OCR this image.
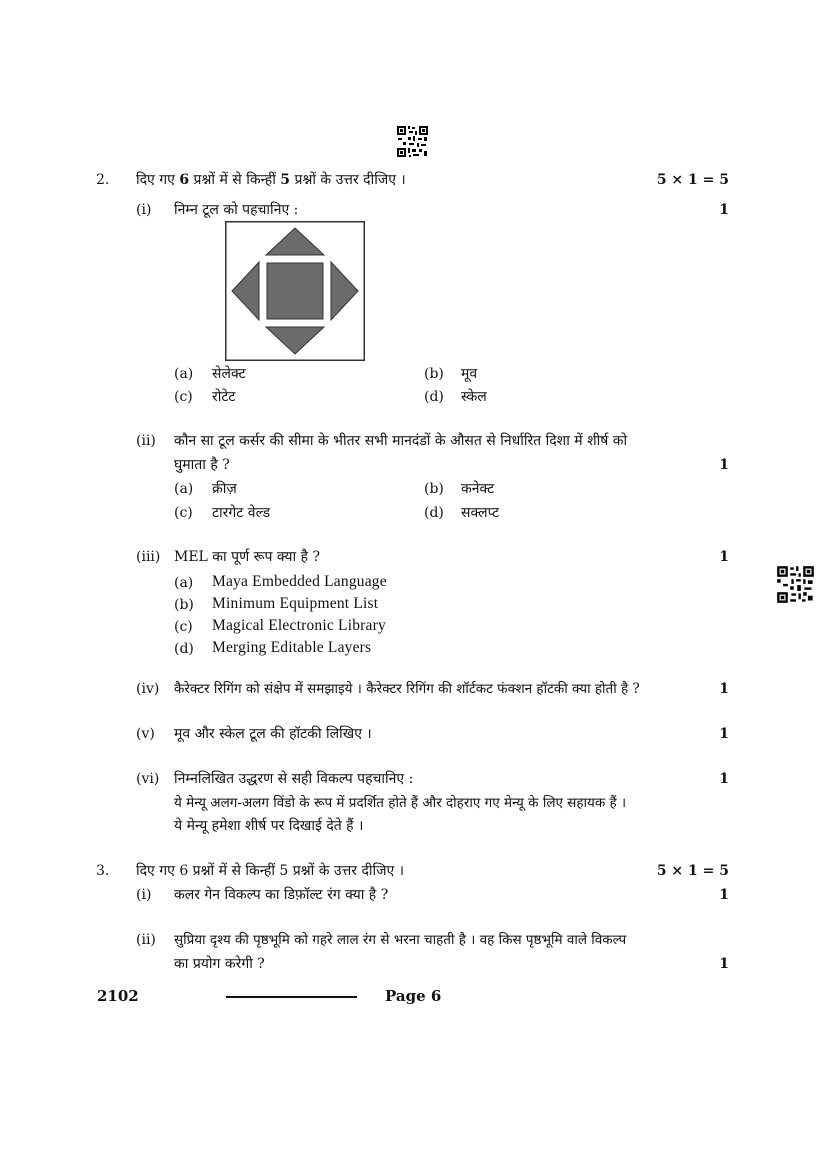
2. दिए गए 6 प्रश्नों में से किन्हीं 5 प्रश्नों के उत्तर दीजिए ।	5 × 1 = 5
(i) निम्न टूल को पहचानिए :	1
(a) सेलेक्ट	(b) मूव
(c) रोटेट	(d) स्केल
(ii) कौन सा टूल कर्सर की सीमा के भीतर सभी मानदंडों के औसत से निर्धारित दिशा में शीर्ष को
घुमाता है ?	1
(a) क्रीज़	(b) कनेक्ट
(c) टारगेट वेल्ड	(d) सक्लप्ट
(iii) MEL का पूर्ण रूप क्या है ?	1
(a) Maya Embedded Language
(b) Minimum Equipment List
(c) Magical Electronic Library
(d) Merging Editable Layers
(iv) कैरेक्टर रिगिंग को संक्षेप में समझाइये । कैरेक्टर रिगिंग की शॉर्टकट फंक्शन हॉटकी क्या होती है ?	1
(v) मूव और स्केल टूल की हॉटकी लिखिए ।	1
(vi) निम्नलिखित उद्धरण से सही विकल्प पहचानिए :	1
ये मेन्यू अलग-अलग विंडो के रूप में प्रदर्शित होते हैं और दोहराए गए मेन्यू के लिए सहायक हैं ।
ये मेन्यू हमेशा शीर्ष पर दिखाई देते हैं ।
3. दिए गए 6 प्रश्नों में से किन्हीं 5 प्रश्नों के उत्तर दीजिए ।	5 × 1 = 5
(i) कलर गेन विकल्प का डिफ़ॉल्ट रंग क्या है ?	1
(ii) सुप्रिया दृश्य की पृष्ठभूमि को गहरे लाल रंग से भरना चाहती है । वह किस पृष्ठभूमि वाले विकल्प
का प्रयोग करेगी ?	1
2102	Page 6
